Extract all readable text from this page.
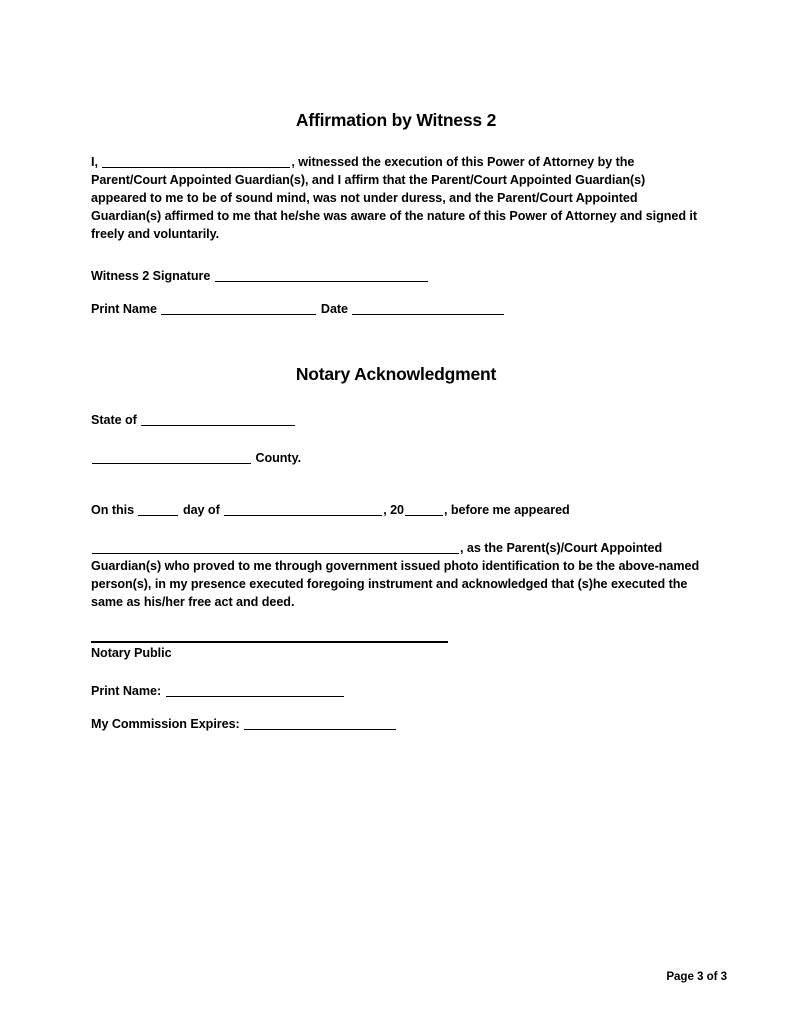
Affirmation by Witness 2

I,	, witnessed the execution of this Power of Attorney by the Parent/Court Appointed Guardian(s), and I affirm that the Parent/Court Appointed Guardian(s) appeared to me to be of sound mind, was not under duress, and the Parent/Court Appointed Guardian(s) affirmed to me that he/she was aware of the nature of this Power of Attorney and signed it freely and voluntarily.

Witness 2 Signature
Print Name	Date
Notary Acknowledgment
State of
County.
On this	day of	, 20	, before me appeared

, as the Parent(s)/Court Appointed Guardian(s) who proved to me through government issued photo identification to be the above-named person(s), in my presence executed foregoing instrument and acknowledged that (s)he executed the same as his/her free act and deed.

Notary Public
Print Name:
My Commission Expires:
Page 3 of 3
